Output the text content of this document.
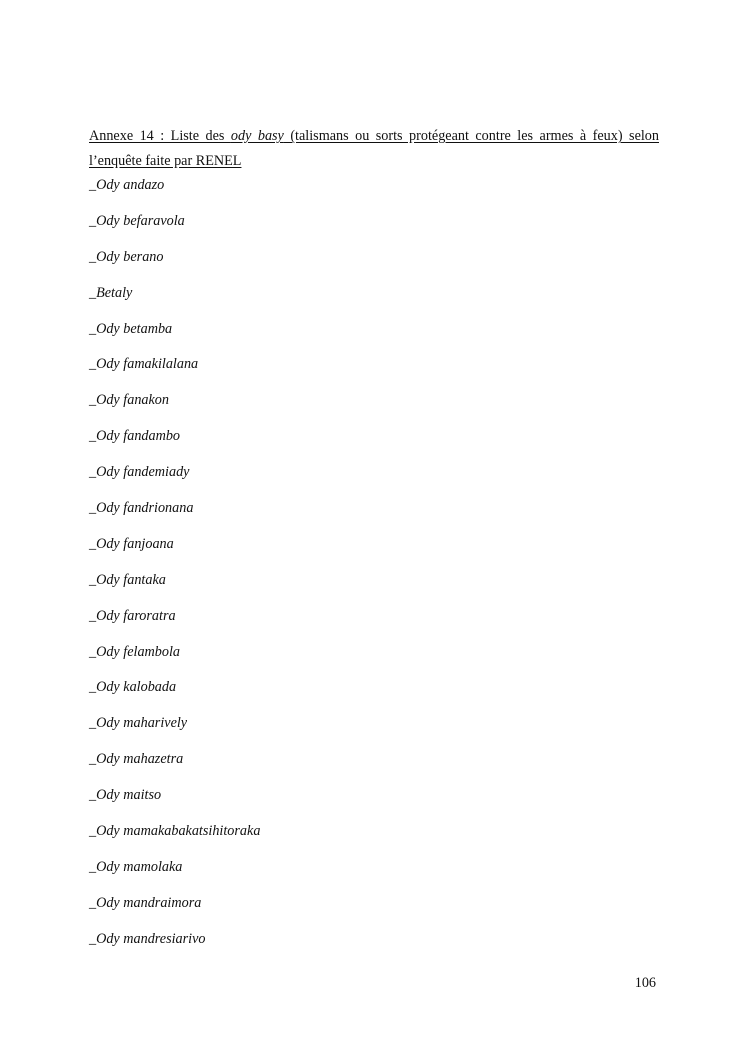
Annexe 14 : Liste des ody basy (talismans ou sorts protégeant contre les armes à feux) selon l’enquête faite par RENEL
_Ody andazo
_Ody befaravola
_Ody berano
_Betaly
_Ody betamba
_Ody famakilalana
_Ody fanakon
_Ody fandambo
_Ody fandemiady
_Ody fandrionana
_Ody fanjoana
_Ody fantaka
_Ody faroratra
_Ody felambola
_Ody kalobada
_Ody maharively
_Ody mahazetra
_Ody maitso
_Ody mamakabakatsihitoraka
_Ody mamolaka
_Ody mandraimora
_Ody mandresiarivo
106
